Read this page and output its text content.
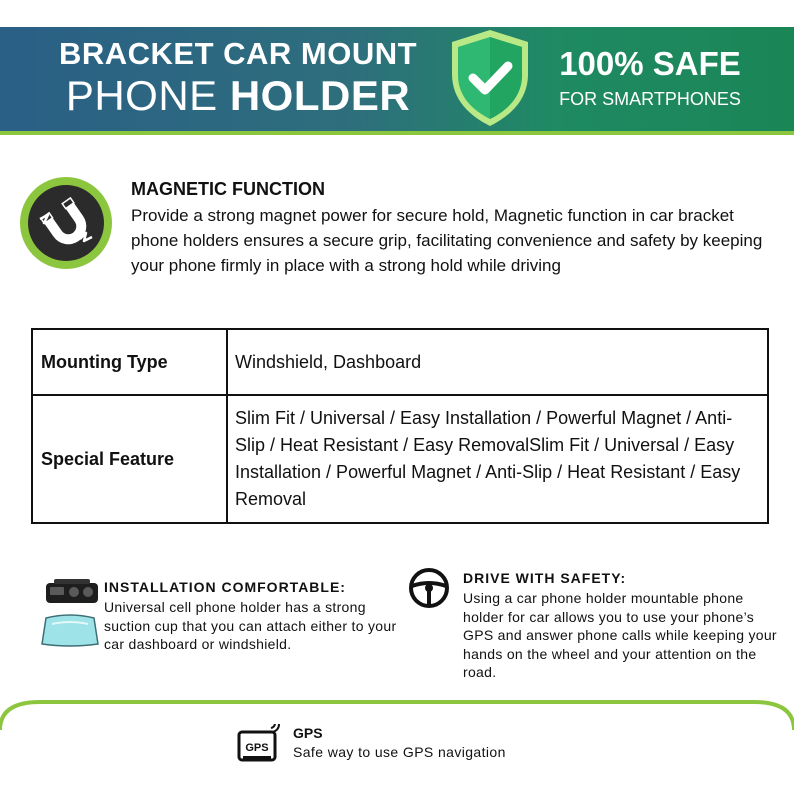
BRACKET CAR MOUNT
PHONE HOLDER
100% SAFE
FOR SMARTPHONES
MAGNETIC FUNCTION
Provide a strong magnet power for secure hold, Magnetic function in car bracket phone holders ensures a secure grip, facilitating convenience and safety by keeping your phone firmly in place with a strong hold while driving
Mounting Type	Windshield, Dashboard
Special Feature	Slim Fit / Universal / Easy Installation / Powerful Magnet / Anti-Slip / Heat Resistant / Easy RemovalSlim Fit / Universal / Easy Installation / Powerful Magnet / Anti-Slip / Heat Resistant / Easy Removal
INSTALLATION COMFORTABLE:
Universal cell phone holder has a strong suction cup that you can attach either to your car dashboard or windshield.
DRIVE WITH SAFETY:
Using a car phone holder mountable phone holder for car allows you to use your phone’s GPS and answer phone calls while keeping your hands on the wheel and your attention on the road.
GPS
GPS
Safe way to use GPS navigation
